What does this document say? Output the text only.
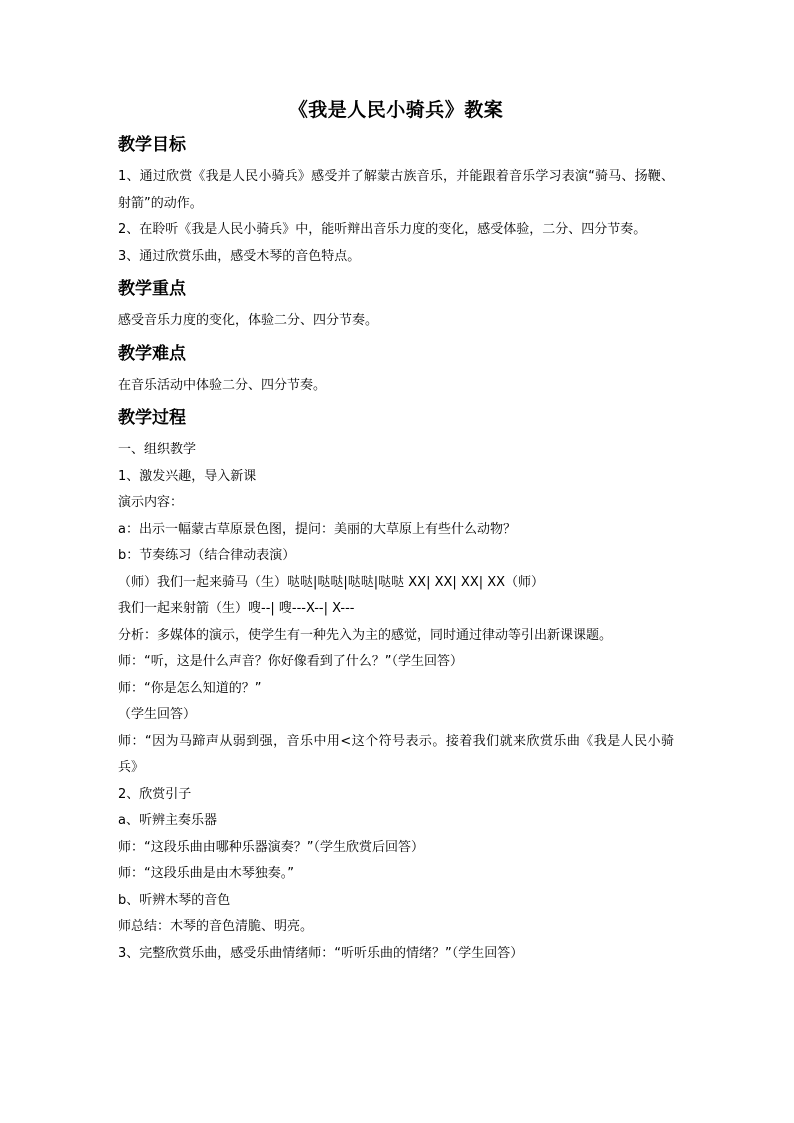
《我是人民小骑兵》教案
教学目标

1、通过欣赏《我是人民小骑兵》感受并了解蒙古族音乐，并能跟着音乐学习表演“骑马、扬鞭、射箭”的动作。

2、在聆听《我是人民小骑兵》中，能听辩出音乐力度的变化，感受体验，二分、四分节奏。

3、通过欣赏乐曲，感受木琴的音色特点。

教学重点

感受音乐力度的变化，体验二分、四分节奏。

教学难点

在音乐活动中体验二分、四分节奏。

教学过程

一、组织教学

1、激发兴趣，导入新课

演示内容：

a：出示一幅蒙古草原景色图，提问：美丽的大草原上有些什么动物？

b：节奏练习（结合律动表演）

（师）我们一起来骑马（生）哒哒|哒哒|哒哒|哒哒 XX| XX| XX| XX（师）

我们一起来射箭（生）嗖--| 嗖---X--| X---

分析：多媒体的演示，使学生有一种先入为主的感觉，同时通过律动等引出新课课题。

师：“听，这是什么声音？你好像看到了什么？”（学生回答）

师：“你是怎么知道的？”

（学生回答）

师：“因为马蹄声从弱到强，音乐中用<这个符号表示。接着我们就来欣赏乐曲《我是人民小骑兵》

2、欣赏引子

a、听辨主奏乐器

师：“这段乐曲由哪种乐器演奏？”（学生欣赏后回答）

师：“这段乐曲是由木琴独奏。”

b、听辨木琴的音色

师总结：木琴的音色清脆、明亮。

3、完整欣赏乐曲，感受乐曲情绪师：“听听乐曲的情绪？”（学生回答）
